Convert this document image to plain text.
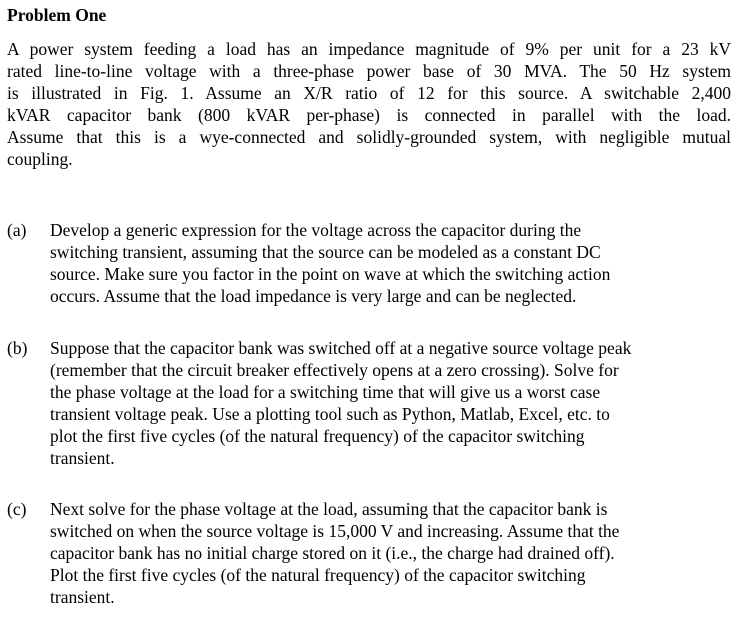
Problem One
A power system feeding a load has an impedance magnitude of 9% per unit for a 23 kV
rated line-to-line voltage with a three-phase power base of 30 MVA. The 50 Hz system
is illustrated in Fig. 1. Assume an X/R ratio of 12 for this source. A switchable 2,400
kVAR capacitor bank (800 kVAR per-phase) is connected in parallel with the load.
Assume that this is a wye-connected and solidly-grounded system, with negligible mutual
coupling.
(a) Develop a generic expression for the voltage across the capacitor during the
switching transient, assuming that the source can be modeled as a constant DC
source. Make sure you factor in the point on wave at which the switching action
occurs. Assume that the load impedance is very large and can be neglected.
(b) Suppose that the capacitor bank was switched off at a negative source voltage peak
(remember that the circuit breaker effectively opens at a zero crossing). Solve for
the phase voltage at the load for a switching time that will give us a worst case
transient voltage peak. Use a plotting tool such as Python, Matlab, Excel, etc. to
plot the first five cycles (of the natural frequency) of the capacitor switching
transient.
(c) Next solve for the phase voltage at the load, assuming that the capacitor bank is
switched on when the source voltage is 15,000 V and increasing. Assume that the
capacitor bank has no initial charge stored on it (i.e., the charge had drained off).
Plot the first five cycles (of the natural frequency) of the capacitor switching
transient.
